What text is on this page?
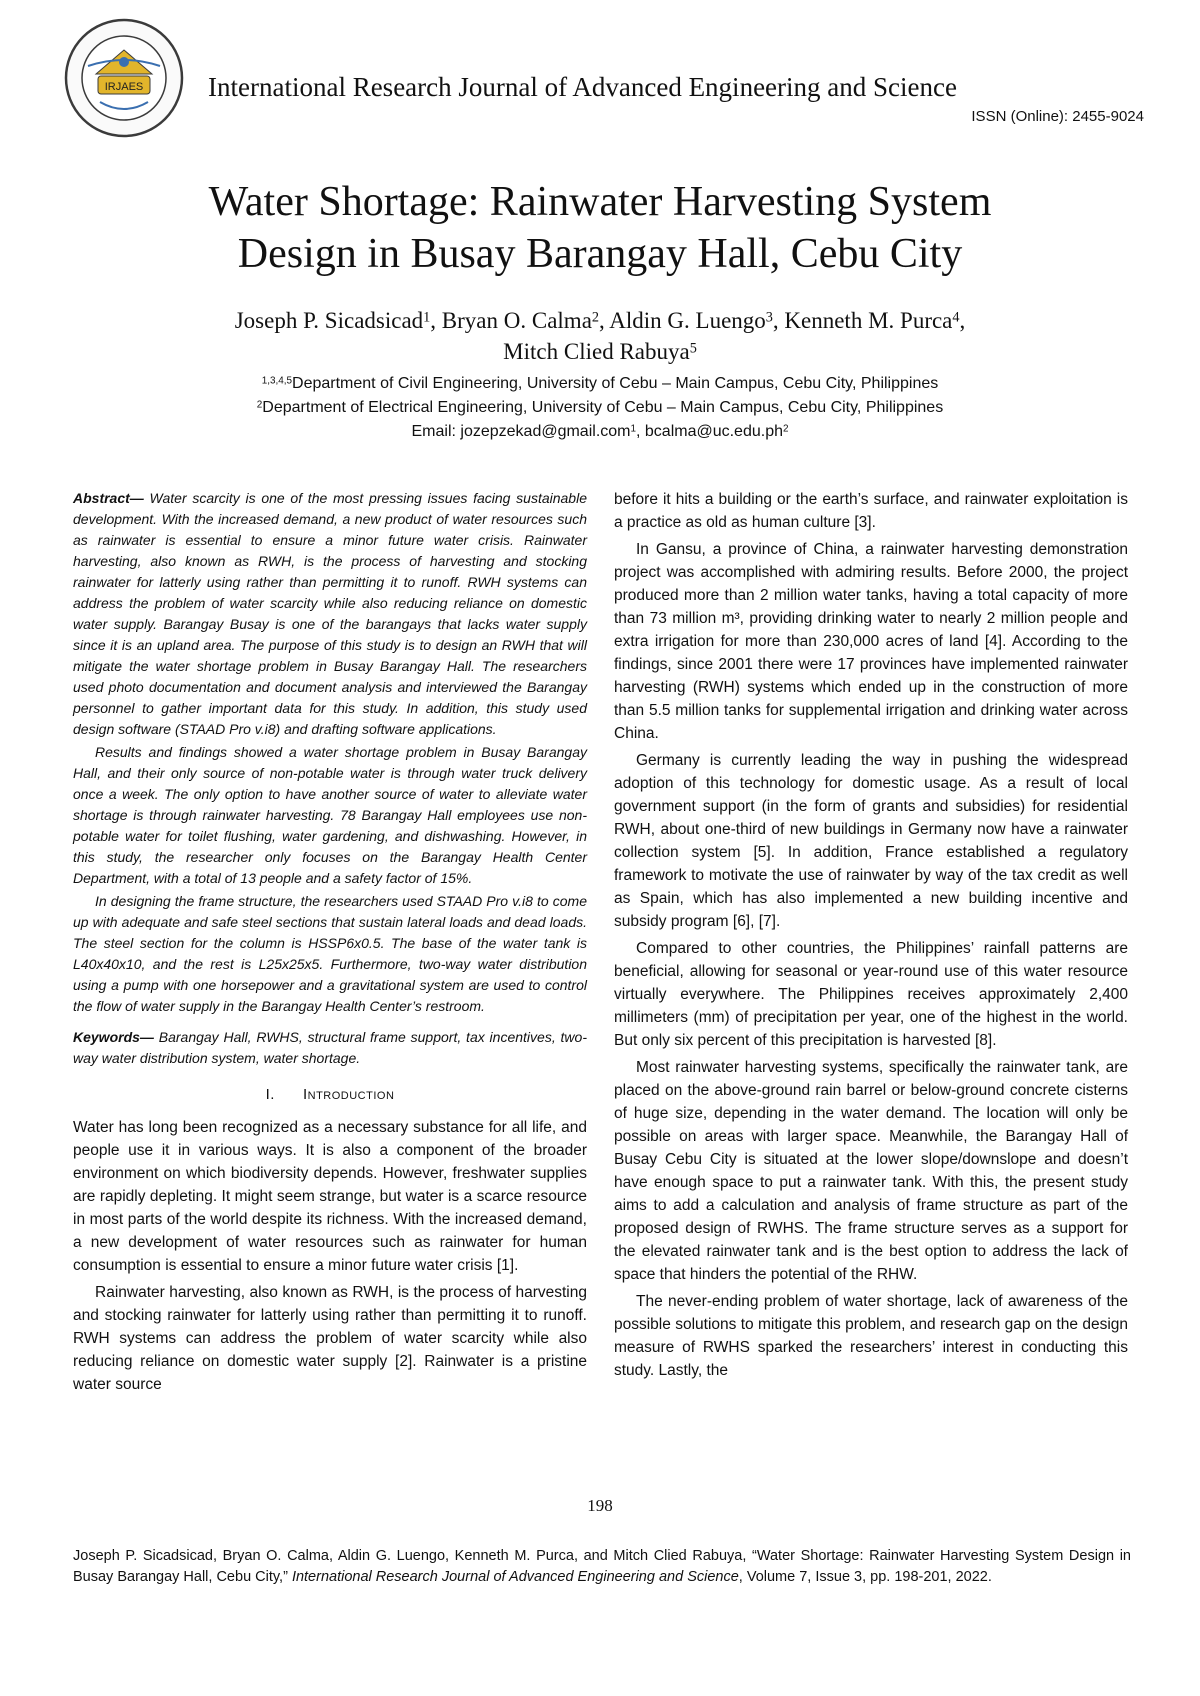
IRJAES International Research Journal of Advanced Engineering and Science
ISSN (Online): 2455-9024
Water Shortage: Rainwater Harvesting System
Design in Busay Barangay Hall, Cebu City
Joseph P. Sicadsicad$^1$, Bryan O. Calma$^2$, Aldin G. Luengo$^3$, Kenneth M. Purca$^4$,
Mitch Clied Rabuya$^5$
$^{1,3,4,5}$Department of Civil Engineering, University of Cebu – Main Campus, Cebu City, Philippines
$^2$Department of Electrical Engineering, University of Cebu – Main Campus, Cebu City, Philippines
Email: jozepzekad@gmail.com$^1$, $bcalma@uc.edu.ph^2$

Abstract— Water scarcity is one of the most pressing issues facing sustainable development. With the increased demand, a new product of water resources such as rainwater is essential to ensure a minor future water crisis. Rainwater harvesting, also known as RWH, is the process of harvesting and stocking rainwater for latterly using rather than permitting it to runoff. RWH systems can address the problem of water scarcity while also reducing reliance on domestic water supply. Barangay Busay is one of the barangays that lacks water supply since it is an upland area. The purpose of this study is to design an RWH that will mitigate the water shortage problem in Busay Barangay Hall. The researchers used photo documentation and document analysis and interviewed the Barangay personnel to gather important data for this study. In addition, this study used design software (STAAD Pro v.i8) and drafting software applications.

Results and findings showed a water shortage problem in Busay Barangay Hall, and their only source of non-potable water is through water truck delivery once a week. The only option to have another source of water to alleviate water shortage is through rainwater harvesting. 78 Barangay Hall employees use non-potable water for toilet flushing, water gardening, and dishwashing. However, in this study, the researcher only focuses on the Barangay Health Center Department, with a total of 13 people and a safety factor of 15%.

In designing the frame structure, the researchers used STAAD Pro v.i8 to come up with adequate and safe steel sections that sustain lateral loads and dead loads. The steel section for the column is HSSP6x0.5. The base of the water tank is L40x40x10, and the rest is L25x25x5. Furthermore, two-way water distribution using a pump with one horsepower and a gravitational system are used to control the flow of water supply in the Barangay Health Center’s restroom.

Keywords— Barangay Hall, RWHS, structural frame support, tax incentives, two-way water distribution system, water shortage.

I. Introduction

Water has long been recognized as a necessary substance for all life, and people use it in various ways. It is also a component of the broader environment on which biodiversity depends. However, freshwater supplies are rapidly depleting. It might seem strange, but water is a scarce resource in most parts of the world despite its richness. With the increased demand, a new development of water resources such as rainwater for human consumption is essential to ensure a minor future water crisis [1].

Rainwater harvesting, also known as RWH, is the process of harvesting and stocking rainwater for latterly using rather than permitting it to runoff. RWH systems can address the problem of water scarcity while also reducing reliance on domestic water supply [2]. Rainwater is a pristine water source

before it hits a building or the earth’s surface, and rainwater exploitation is a practice as old as human culture [3].

In Gansu, a province of China, a rainwater harvesting demonstration project was accomplished with admiring results. Before 2000, the project produced more than 2 million water tanks, having a total capacity of more than 73 million m³, providing drinking water to nearly 2 million people and extra irrigation for more than 230,000 acres of land [4]. According to the findings, since 2001 there were 17 provinces have implemented rainwater harvesting (RWH) systems which ended up in the construction of more than 5.5 million tanks for supplemental irrigation and drinking water across China.

Germany is currently leading the way in pushing the widespread adoption of this technology for domestic usage. As a result of local government support (in the form of grants and subsidies) for residential RWH, about one-third of new buildings in Germany now have a rainwater collection system [5]. In addition, France established a regulatory framework to motivate the use of rainwater by way of the tax credit as well as Spain, which has also implemented a new building incentive and subsidy program [6], [7].

Compared to other countries, the Philippines’ rainfall patterns are beneficial, allowing for seasonal or year-round use of this water resource virtually everywhere. The Philippines receives approximately 2,400 millimeters (mm) of precipitation per year, one of the highest in the world. But only six percent of this precipitation is harvested [8].

Most rainwater harvesting systems, specifically the rainwater tank, are placed on the above-ground rain barrel or below-ground concrete cisterns of huge size, depending in the water demand. The location will only be possible on areas with larger space. Meanwhile, the Barangay Hall of Busay Cebu City is situated at the lower slope/downslope and doesn’t have enough space to put a rainwater tank. With this, the present study aims to add a calculation and analysis of frame structure as part of the proposed design of RWHS. The frame structure serves as a support for the elevated rainwater tank and is the best option to address the lack of space that hinders the potential of the RHW.

The never-ending problem of water shortage, lack of awareness of the possible solutions to mitigate this problem, and research gap on the design measure of RWHS sparked the researchers’ interest in conducting this study. Lastly, the

198
Joseph P. Sicadsicad, Bryan O. Calma, Aldin G. Luengo, Kenneth M. Purca, and Mitch Clied Rabuya, “Water Shortage: Rainwater Harvesting System Design in Busay Barangay Hall, Cebu City,” International Research Journal of Advanced Engineering and Science, Volume 7, Issue 3, pp. 198-201, 2022.
